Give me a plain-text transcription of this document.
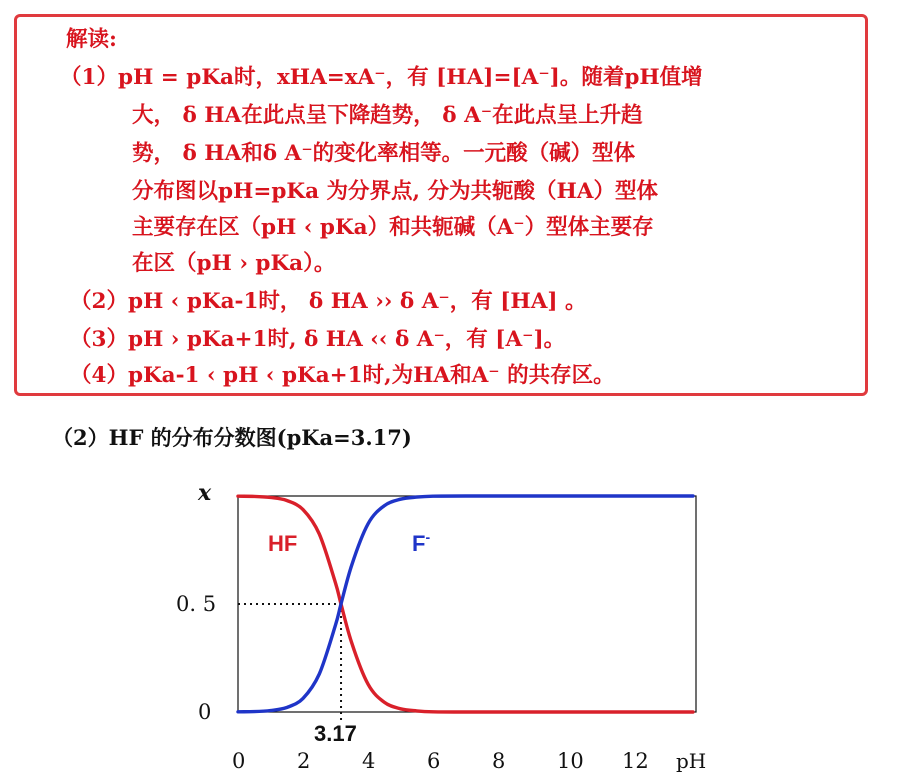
解读:

（1）pH = pKa时，xHA=xA⁻，有 [HA]=[A⁻]。随着pH值增

大， δ HA在此点呈下降趋势， δ A⁻在此点呈上升趋

势， δ HA和δ A⁻的变化率相等。一元酸（碱）型体

分布图以pH=pKa 为分界点, 分为共轭酸（HA）型体

主要存在区（pH ‹ pKa）和共轭碱（A⁻）型体主要存

在区（pH › pKa）。

（2）pH ‹ pKa-1时， δ HA ›› δ A⁻，有 [HA] 。

（3）pH › pKa+1时, δ HA ‹‹ δ A⁻，有 [A⁻]。

（4）pKa-1 ‹ pH ‹ pKa+1时,为HA和A⁻ 的共存区。

（2）HF 的分布分数图(pKa=3.17)

0 2 4 6 8 10 12
0
0. 5
x
pH
3.17
HF	F-
